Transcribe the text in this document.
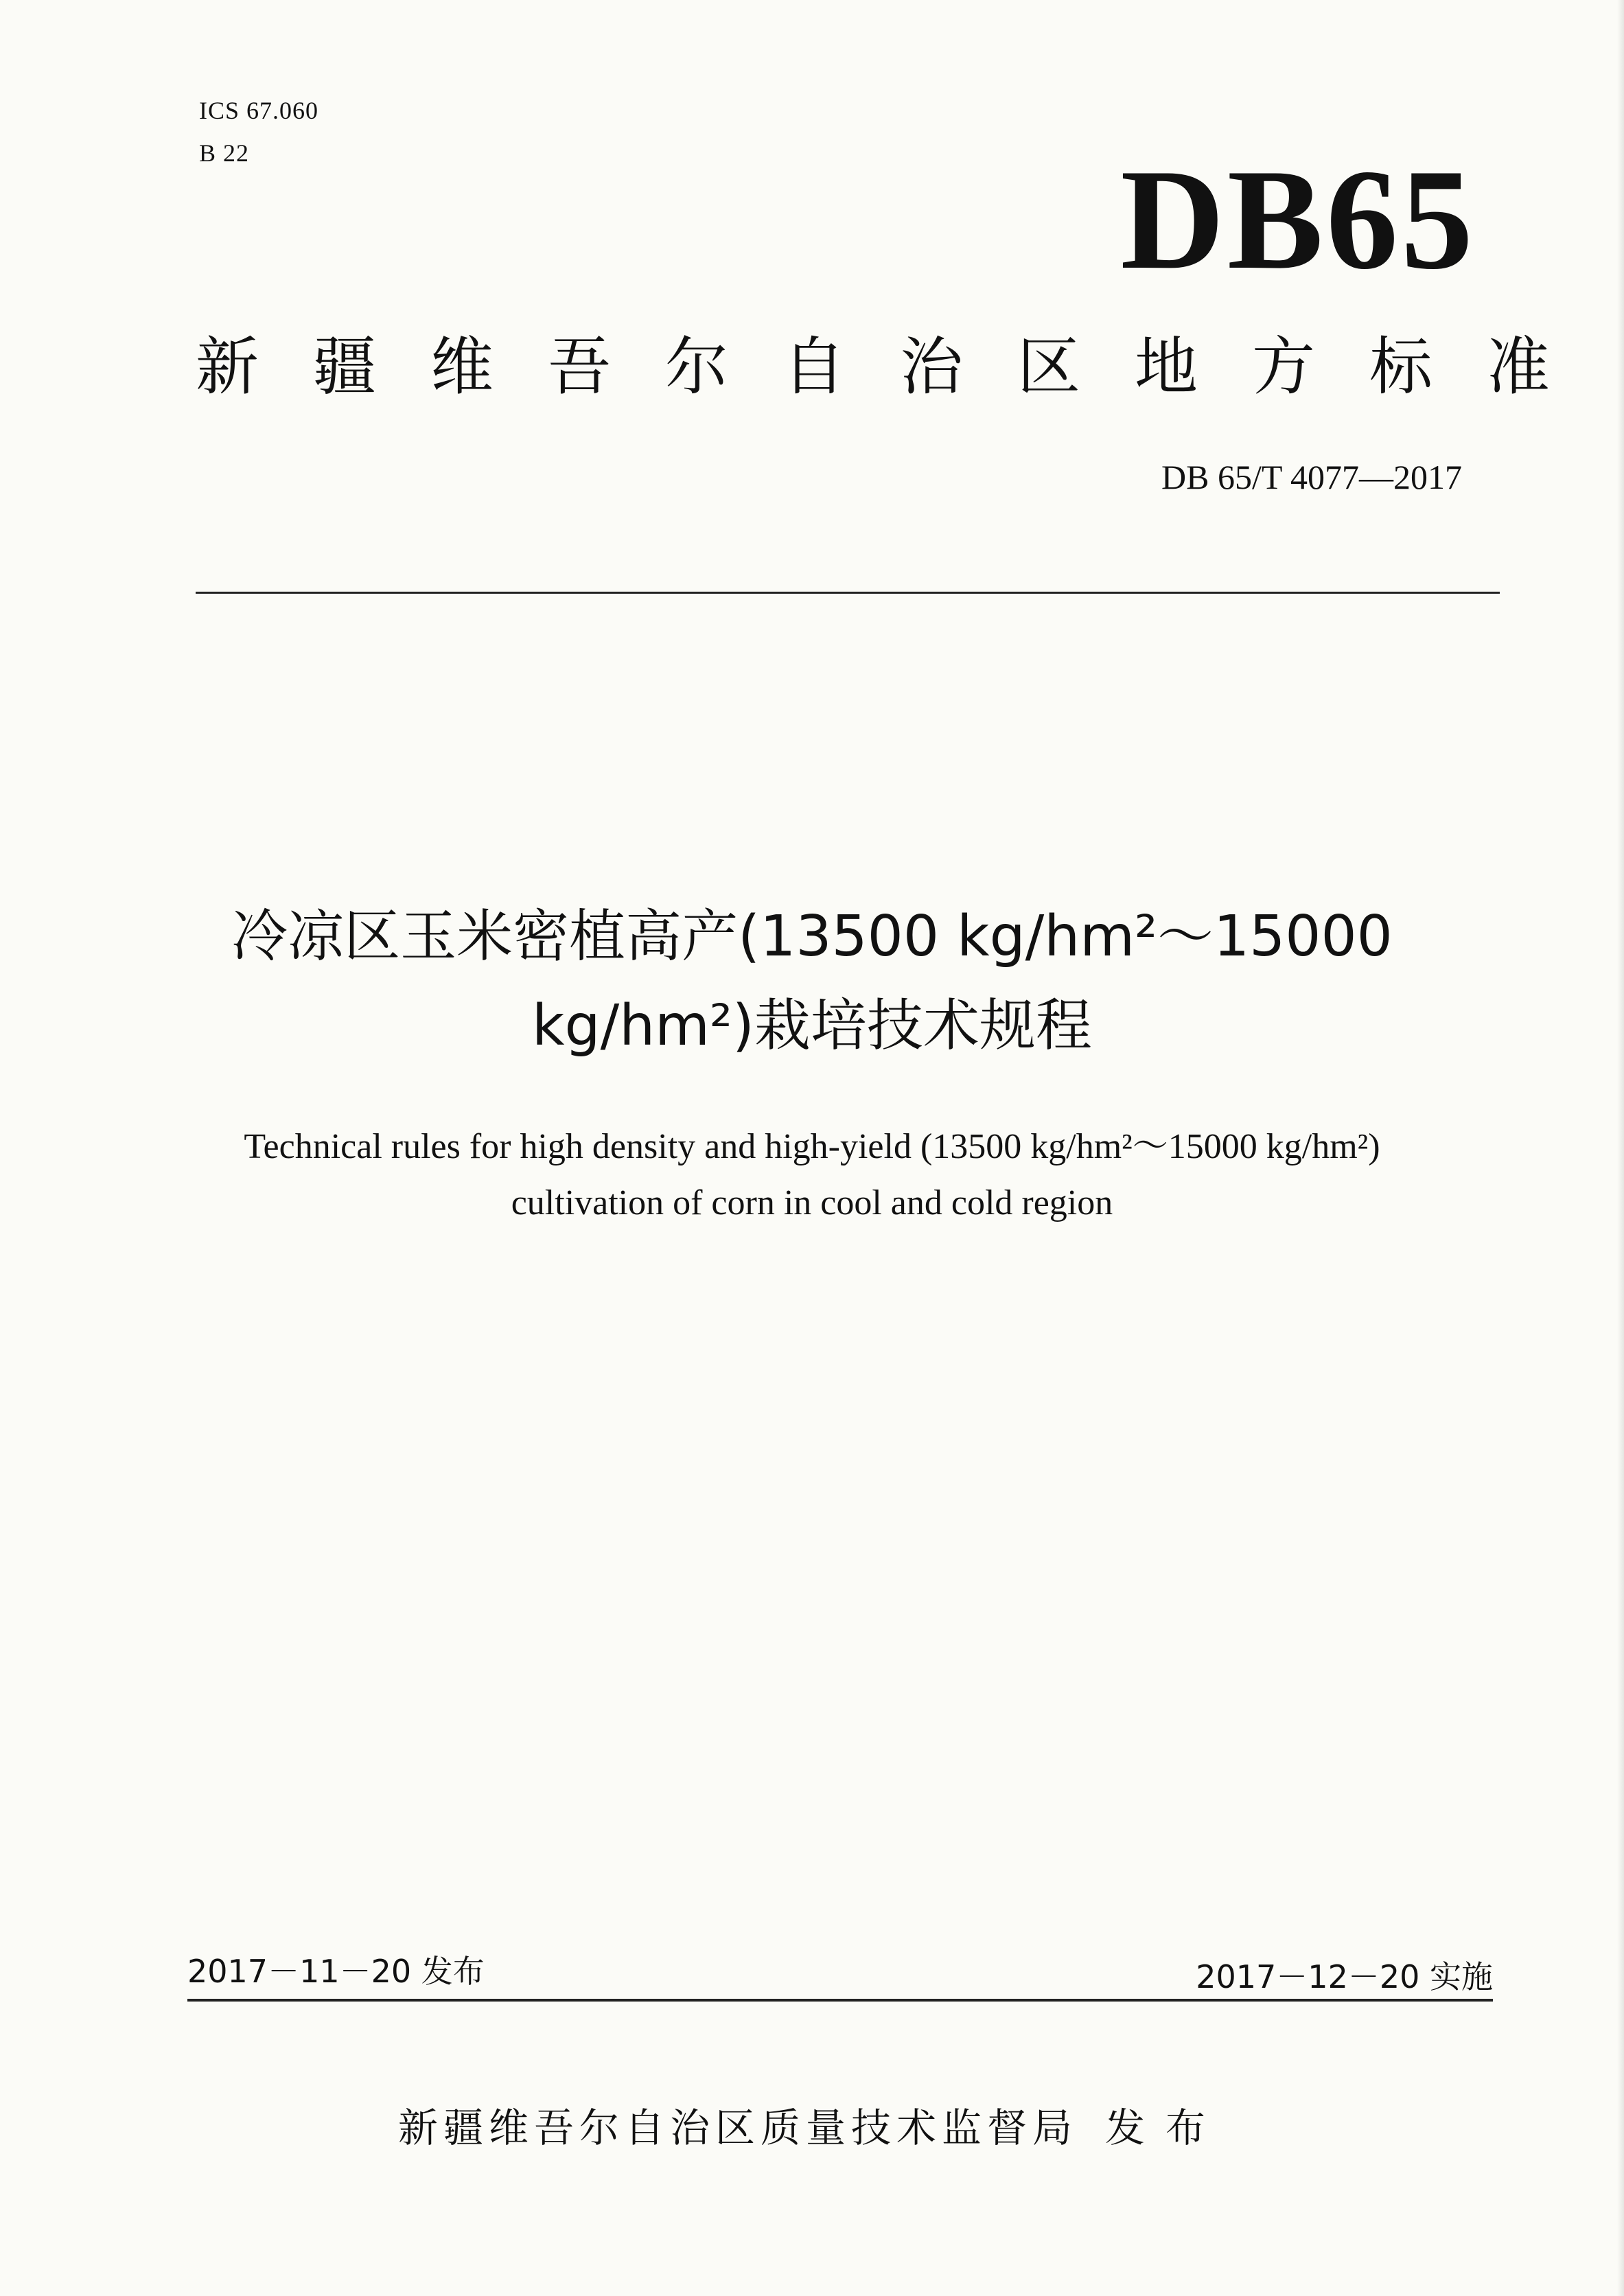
ICS 67.060
B 22	DB65
新疆维吾尔自治区地方标准
DB 65/T 4077—2017
冷凉区玉米密植高产(13500 kg/hm²～15000
kg/hm²)栽培技术规程
Technical rules for high density and high-yield (13500 kg/hm²～15000 kg/hm²)
cultivation of corn in cool and cold region
2017－11－20 发布	2017－12－20 实施
新疆维吾尔自治区质量技术监督局 发布
